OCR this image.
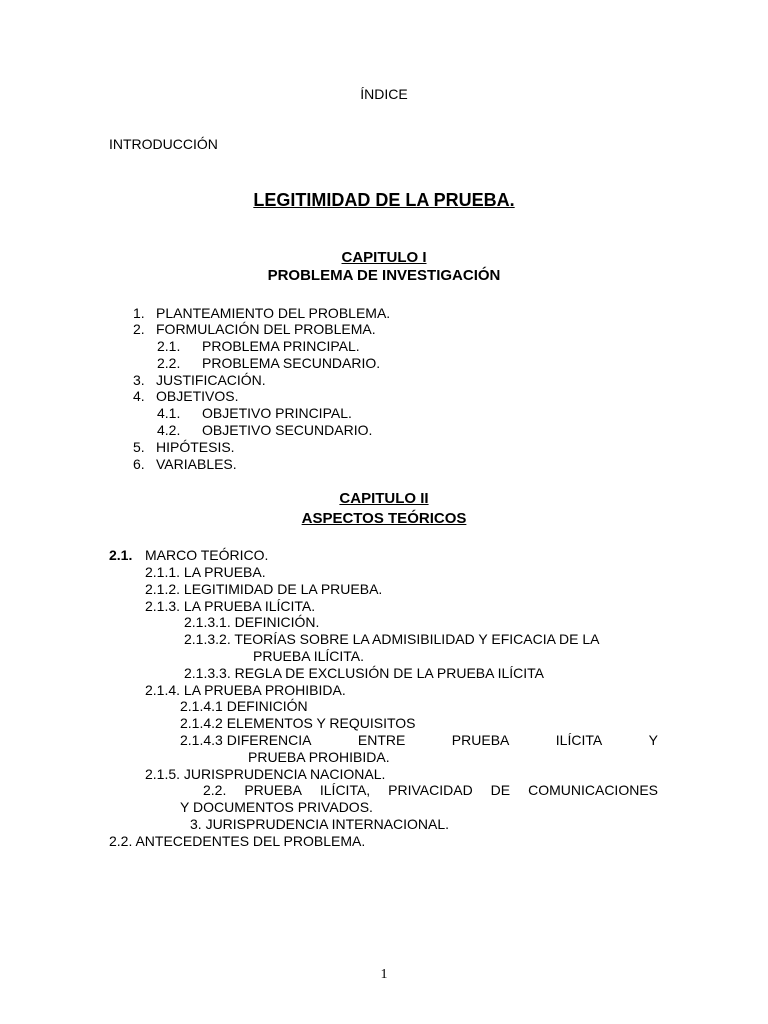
ÍNDICE
INTRODUCCIÓN
LEGITIMIDAD DE LA PRUEBA.
CAPITULO I
PROBLEMA DE INVESTIGACIÓN
1. PLANTEAMIENTO DEL PROBLEMA.
2. FORMULACIÓN DEL PROBLEMA.
2.1. PROBLEMA PRINCIPAL.
2.2. PROBLEMA SECUNDARIO.
3. JUSTIFICACIÓN.
4. OBJETIVOS.
4.1. OBJETIVO PRINCIPAL.
4.2. OBJETIVO SECUNDARIO.
5. HIPÓTESIS.
6. VARIABLES.
CAPITULO II
ASPECTOS TEÓRICOS
2.1. MARCO TEÓRICO.
2.1.1. LA PRUEBA.
2.1.2. LEGITIMIDAD DE LA PRUEBA.
2.1.3. LA PRUEBA ILÍCITA.
2.1.3.1. DEFINICIÓN.
2.1.3.2. TEORÍAS SOBRE LA ADMISIBILIDAD Y EFICACIA DE LA
PRUEBA ILÍCITA.
2.1.3.3. REGLA DE EXCLUSIÓN DE LA PRUEBA ILÍCITA
2.1.4. LA PRUEBA PROHIBIDA.
2.1.4.1 DEFINICIÓN
2.1.4.2 ELEMENTOS Y REQUISITOS
2.1.4.3 DIFERENCIA	ENTRE	PRUEBA	ILÍCITA	Y
PRUEBA PROHIBIDA.
2.1.5. JURISPRUDENCIA NACIONAL.
2.2. PRUEBA ILÍCITA, PRIVACIDAD DE COMUNICACIONES
Y DOCUMENTOS PRIVADOS.
3. JURISPRUDENCIA INTERNACIONAL.
2.2. ANTECEDENTES DEL PROBLEMA.
1
